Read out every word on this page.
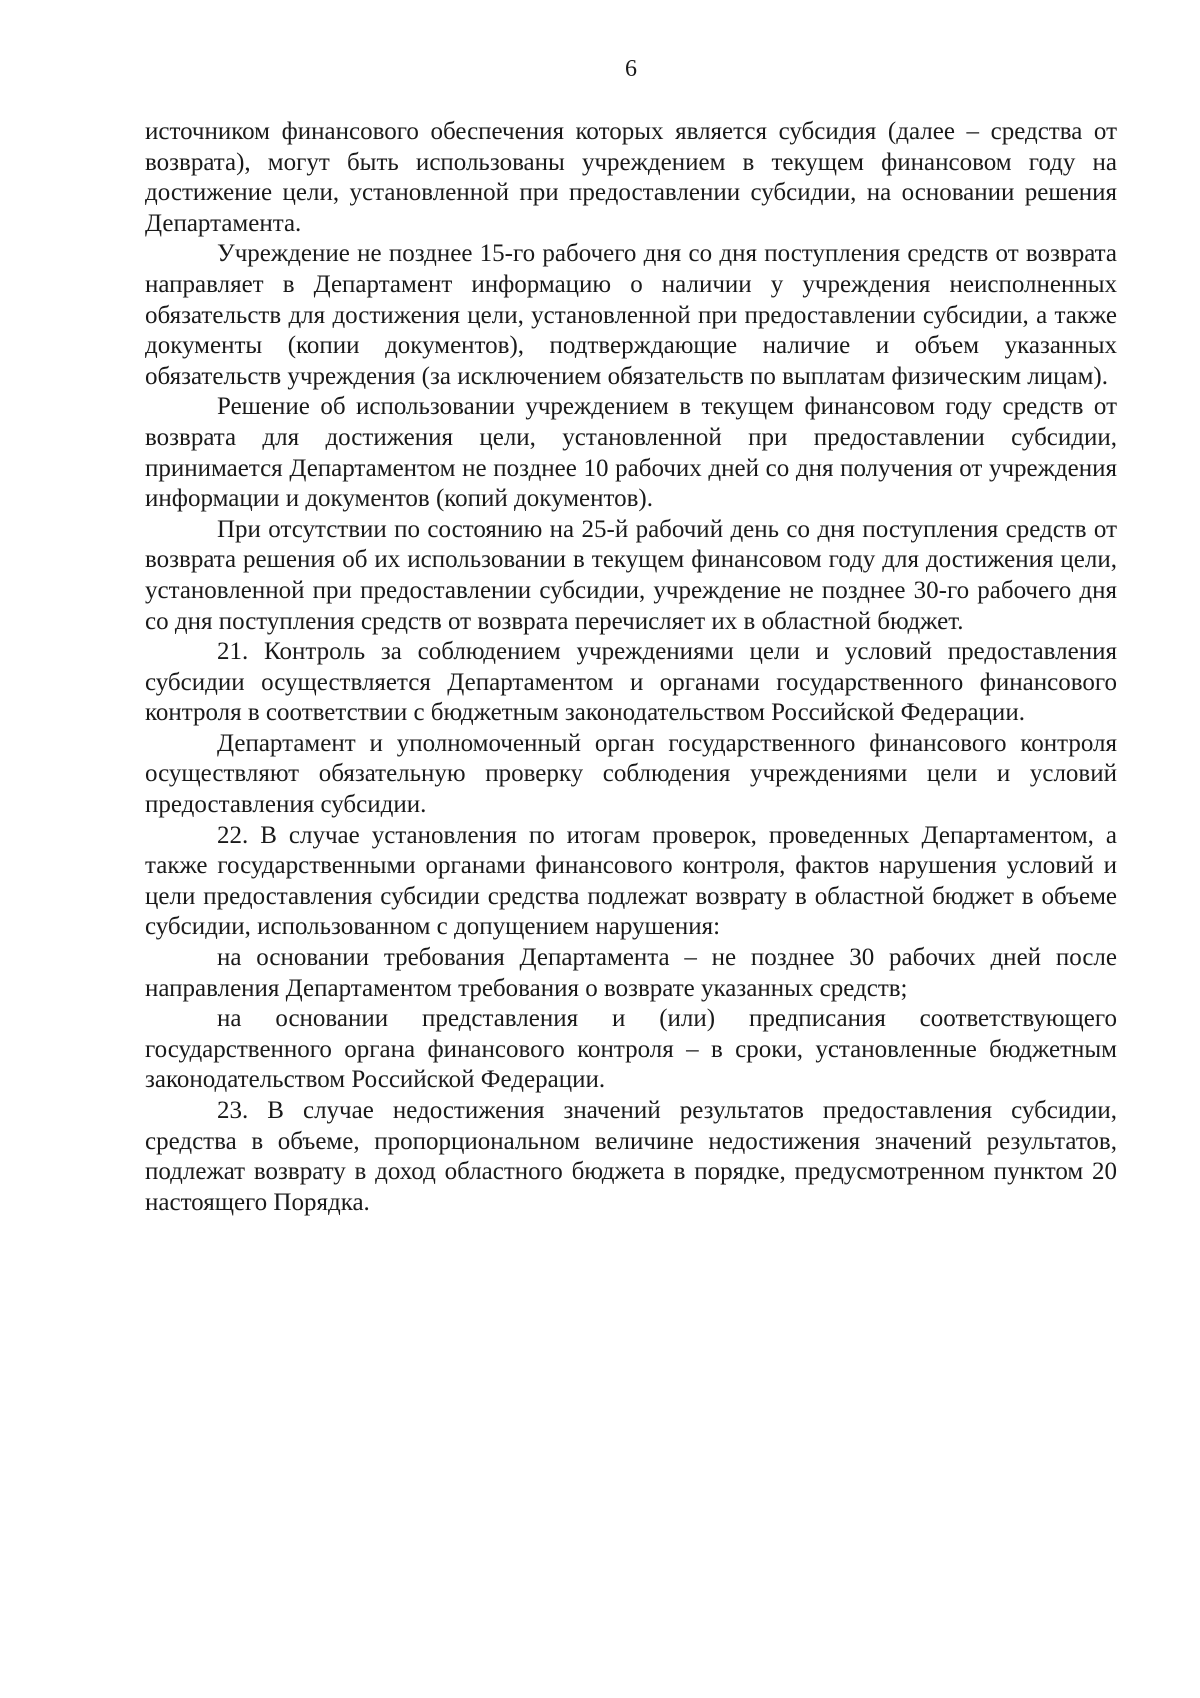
6

источником финансового обеспечения которых является субсидия (далее – средства от возврата), могут быть использованы учреждением в текущем финансовом году на достижение цели, установленной при предоставлении субсидии, на основании решения Департамента.

Учреждение не позднее 15-го рабочего дня со дня поступления средств от возврата направляет в Департамент информацию о наличии у учреждения неисполненных обязательств для достижения цели, установленной при предоставлении субсидии, а также документы (копии документов), подтверждающие наличие и объем указанных обязательств учреждения (за исключением обязательств по выплатам физическим лицам).

Решение об использовании учреждением в текущем финансовом году средств от возврата для достижения цели, установленной при предоставлении субсидии, принимается Департаментом не позднее 10 рабочих дней со дня получения от учреждения информации и документов (копий документов).

При отсутствии по состоянию на 25-й рабочий день со дня поступления средств от возврата решения об их использовании в текущем финансовом году для достижения цели, установленной при предоставлении субсидии, учреждение не позднее 30-го рабочего дня со дня поступления средств от возврата перечисляет их в областной бюджет.

21. Контроль за соблюдением учреждениями цели и условий предоставления субсидии осуществляется Департаментом и органами государственного финансового контроля в соответствии с бюджетным законодательством Российской Федерации.

Департамент и уполномоченный орган государственного финансового контроля осуществляют обязательную проверку соблюдения учреждениями цели и условий предоставления субсидии.

22. В случае установления по итогам проверок, проведенных Департаментом, а также государственными органами финансового контроля, фактов нарушения условий и цели предоставления субсидии средства подлежат возврату в областной бюджет в объеме субсидии, использованном с допущением нарушения:

на основании требования Департамента – не позднее 30 рабочих дней после направления Департаментом требования о возврате указанных средств;

на основании представления и (или) предписания соответствующего государственного органа финансового контроля – в сроки, установленные бюджетным законодательством Российской Федерации.

23. В случае недостижения значений результатов предоставления субсидии, средства в объеме, пропорциональном величине недостижения значений результатов, подлежат возврату в доход областного бюджета в порядке, предусмотренном пунктом 20 настоящего Порядка.
